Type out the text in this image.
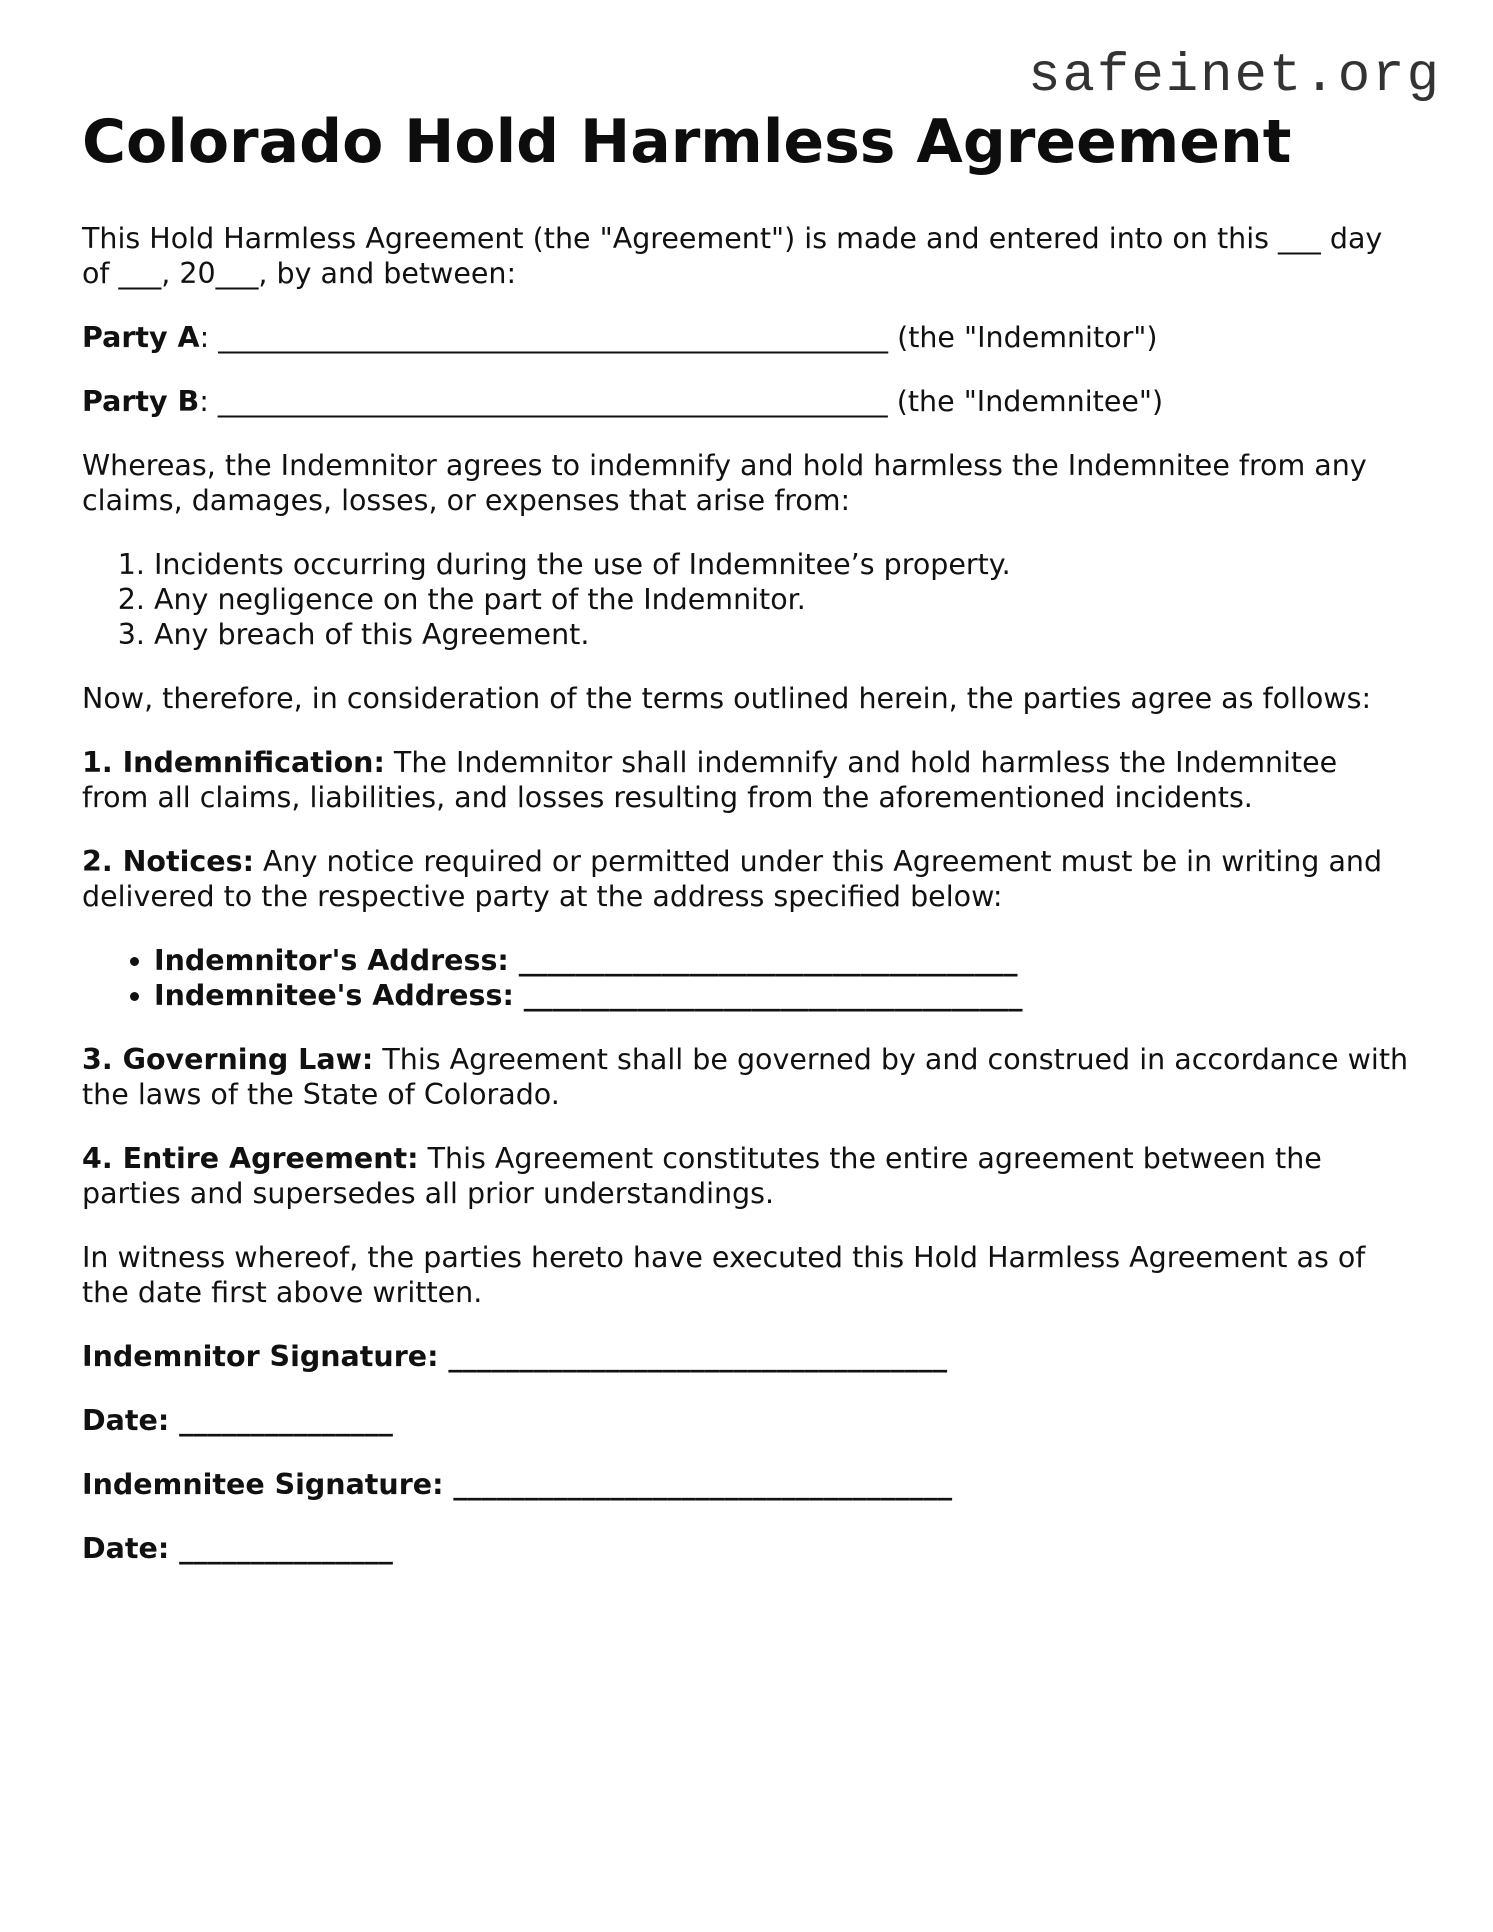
safeinet.org
Colorado Hold Harmless Agreement

This Hold Harmless Agreement (the "Agreement") is made and entered into on this ___ day of ___, 20___, by and between:

Party A: _______________________________________________ (the "Indemnitor")

Party B: _______________________________________________ (the "Indemnitee")

Whereas, the Indemnitor agrees to indemnify and hold harmless the Indemnitee from any claims, damages, losses, or expenses that arise from:

1. Incidents occurring during the use of Indemnitee’s property.
2. Any negligence on the part of the Indemnitor.
3. Any breach of this Agreement.

Now, therefore, in consideration of the terms outlined herein, the parties agree as follows:

1. Indemnification: The Indemnitor shall indemnify and hold harmless the Indemnitee from all claims, liabilities, and losses resulting from the aforementioned incidents.

2. Notices: Any notice required or permitted under this Agreement must be in writing and delivered to the respective party at the address specified below:

• Indemnitor's Address: ___________________________________
• Indemnitee's Address: ___________________________________

3. Governing Law: This Agreement shall be governed by and construed in accordance with the laws of the State of Colorado.

4. Entire Agreement: This Agreement constitutes the entire agreement between the parties and supersedes all prior understandings.

In witness whereof, the parties hereto have executed this Hold Harmless Agreement as of the date first above written.

Indemnitor Signature: ___________________________________

Date: _______________

Indemnitee Signature: ___________________________________

Date: _______________
